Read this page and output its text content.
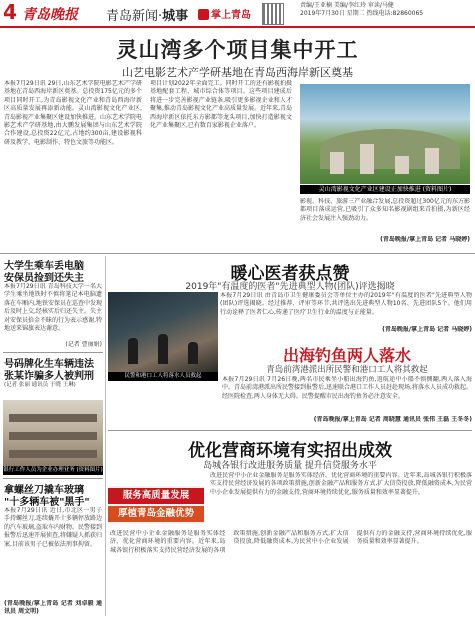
4 青岛晚报 青岛新闻·城事	掌上青岛
责编/王亚楠 美编/李红玲 审读/马健
2019年7月30日 星期二 热线电话:82860065
灵山湾多个项目集中开工
山艺电影艺术产学研基地在青岛西海岸新区奠基
本报7月29日讯 29日,山东艺术学院电影艺术产学研基地在青岛西海岸新区奠基。总投资175亿元的多个项目同时开工,为青岛影视文化产业和青岛西海岸新区高质量发展再添新动能。灵山湾影视文化产业区,青岛影视产业集聚区建设加快推进。山东艺术学院电影艺术产学研基地,由大鹏发展集团与山东艺术学院合作建设,总投资22亿元,占地约300亩,建设影视科研及教学、电影制作、特色文旅等功能区。
项目计划2022年全面完工。同时开工的还有影视拍摄基地配套工程、城市综合体等项目。这些项目建成后将进一步完善影视产业链条,吸引更多影视企业和人才聚集,推动青岛影视文化产业高质量发展。近年来,青岛西海岸新区依托东方影都等龙头项目,加快打造影视文化产业集聚区,已有数百家影视企业落户。
灵山湾影视文化产业区建设正加快推进 (资料图片)
影视、科技、旅游三产业融合发展,总投资超过300亿元的东方影都项目落成运营,已吸引了众多知名影视剧组来青拍摄,为新区经济社会发展注入强劲动力。
(青岛晚报/掌上青岛 记者 马晓婷)
大学生乘车丢电脑
安保员捡到还失主
本报7月29日讯 青岛科技大学一名大学生乘坐地铁时不慎将笔记本电脑遗落在车厢内,地铁安保员在巡查中发现后及时上交,经核实后归还失主。失主对安保员拾金不昧的行为表示感谢,特地送来锦旗表达谢意。
(记者 曹丽娟)
号码牌化生车辆违法
张某诈骗多人被判刑
(记者 张丽 通讯员 于晓 王琳)
银行工作人员为企业办理业务 (资料图片)
拿螺丝刀撬车玻璃
"十多辆车被"黑手"
本报7月29日讯 近日,市北区一男子手持螺丝刀,连续撬开十多辆停放路边的汽车玻璃,盗取车内财物。民警接到报警后迅速开展侦查,将嫌疑人抓获归案,目前该男子已被依法刑事拘留。
(青岛晚报/掌上青岛 记者 刘卓毅 通讯员 周文明)
暖心医者获点赞
2019年"有温度的医者"先进典型人物(团队)评选揭晓
本报7月29日讯 由青岛市卫生健康委员会等单位主办的2019年"有温度的医者"先进典型人物(团队)评选揭晓。经过推荐、评审等环节,共评选出先进典型人物10名、先进团队5个。他们用行动诠释了医者仁心,传递了医疗卫生行业的温度与正能量。
(青岛晚报/掌上青岛 记者 马晓婷)
民警和港口工人将落水人员救起
出海钓鱼两人落水
青岛前湾港派出所民警和港口工人将其救起
本报7月29日讯 7月26日晚,两名市民乘坐小船出海钓鱼,返航途中小船不慎侧翻,两人落入海中。青岛前湾港派出所民警接到报警后,迅速联合港口工作人员赶赴现场,将落水人员成功救起。经医院检查,两人身体无大碍。民警提醒市民出海钓鱼务必注意安全。
(青岛晚报/掌上青岛 记者 周晓慧 通讯员 张伟 王磊 王冬冬)
优化营商环境有实招出成效
岛城各银行改进服务质量 提升信贷服务水平
服务高质量发展
厚植青岛金融优势
改进民营中小企业金融服务是服务实体经济、优化营商环境的重要内容。近年来,岛城各银行积极落实支持民营经济发展的各项政策措施,创新金融产品和服务方式,扩大信贷投放,降低融资成本,为民营中小企业发展提供有力的金融支持,营商环境持续优化,服务质量和效率显著提升。
改进民营中小企业金融服务是服务实体经济、优化营商环境的重要内容。近年来,岛城各银行积极落实支持民营经济发展的各项政策措施,创新金融产品和服务方式,扩大信贷投放,降低融资成本,为民营中小企业发展提供有力的金融支持,营商环境持续优化,服务质量和效率显著提升。
